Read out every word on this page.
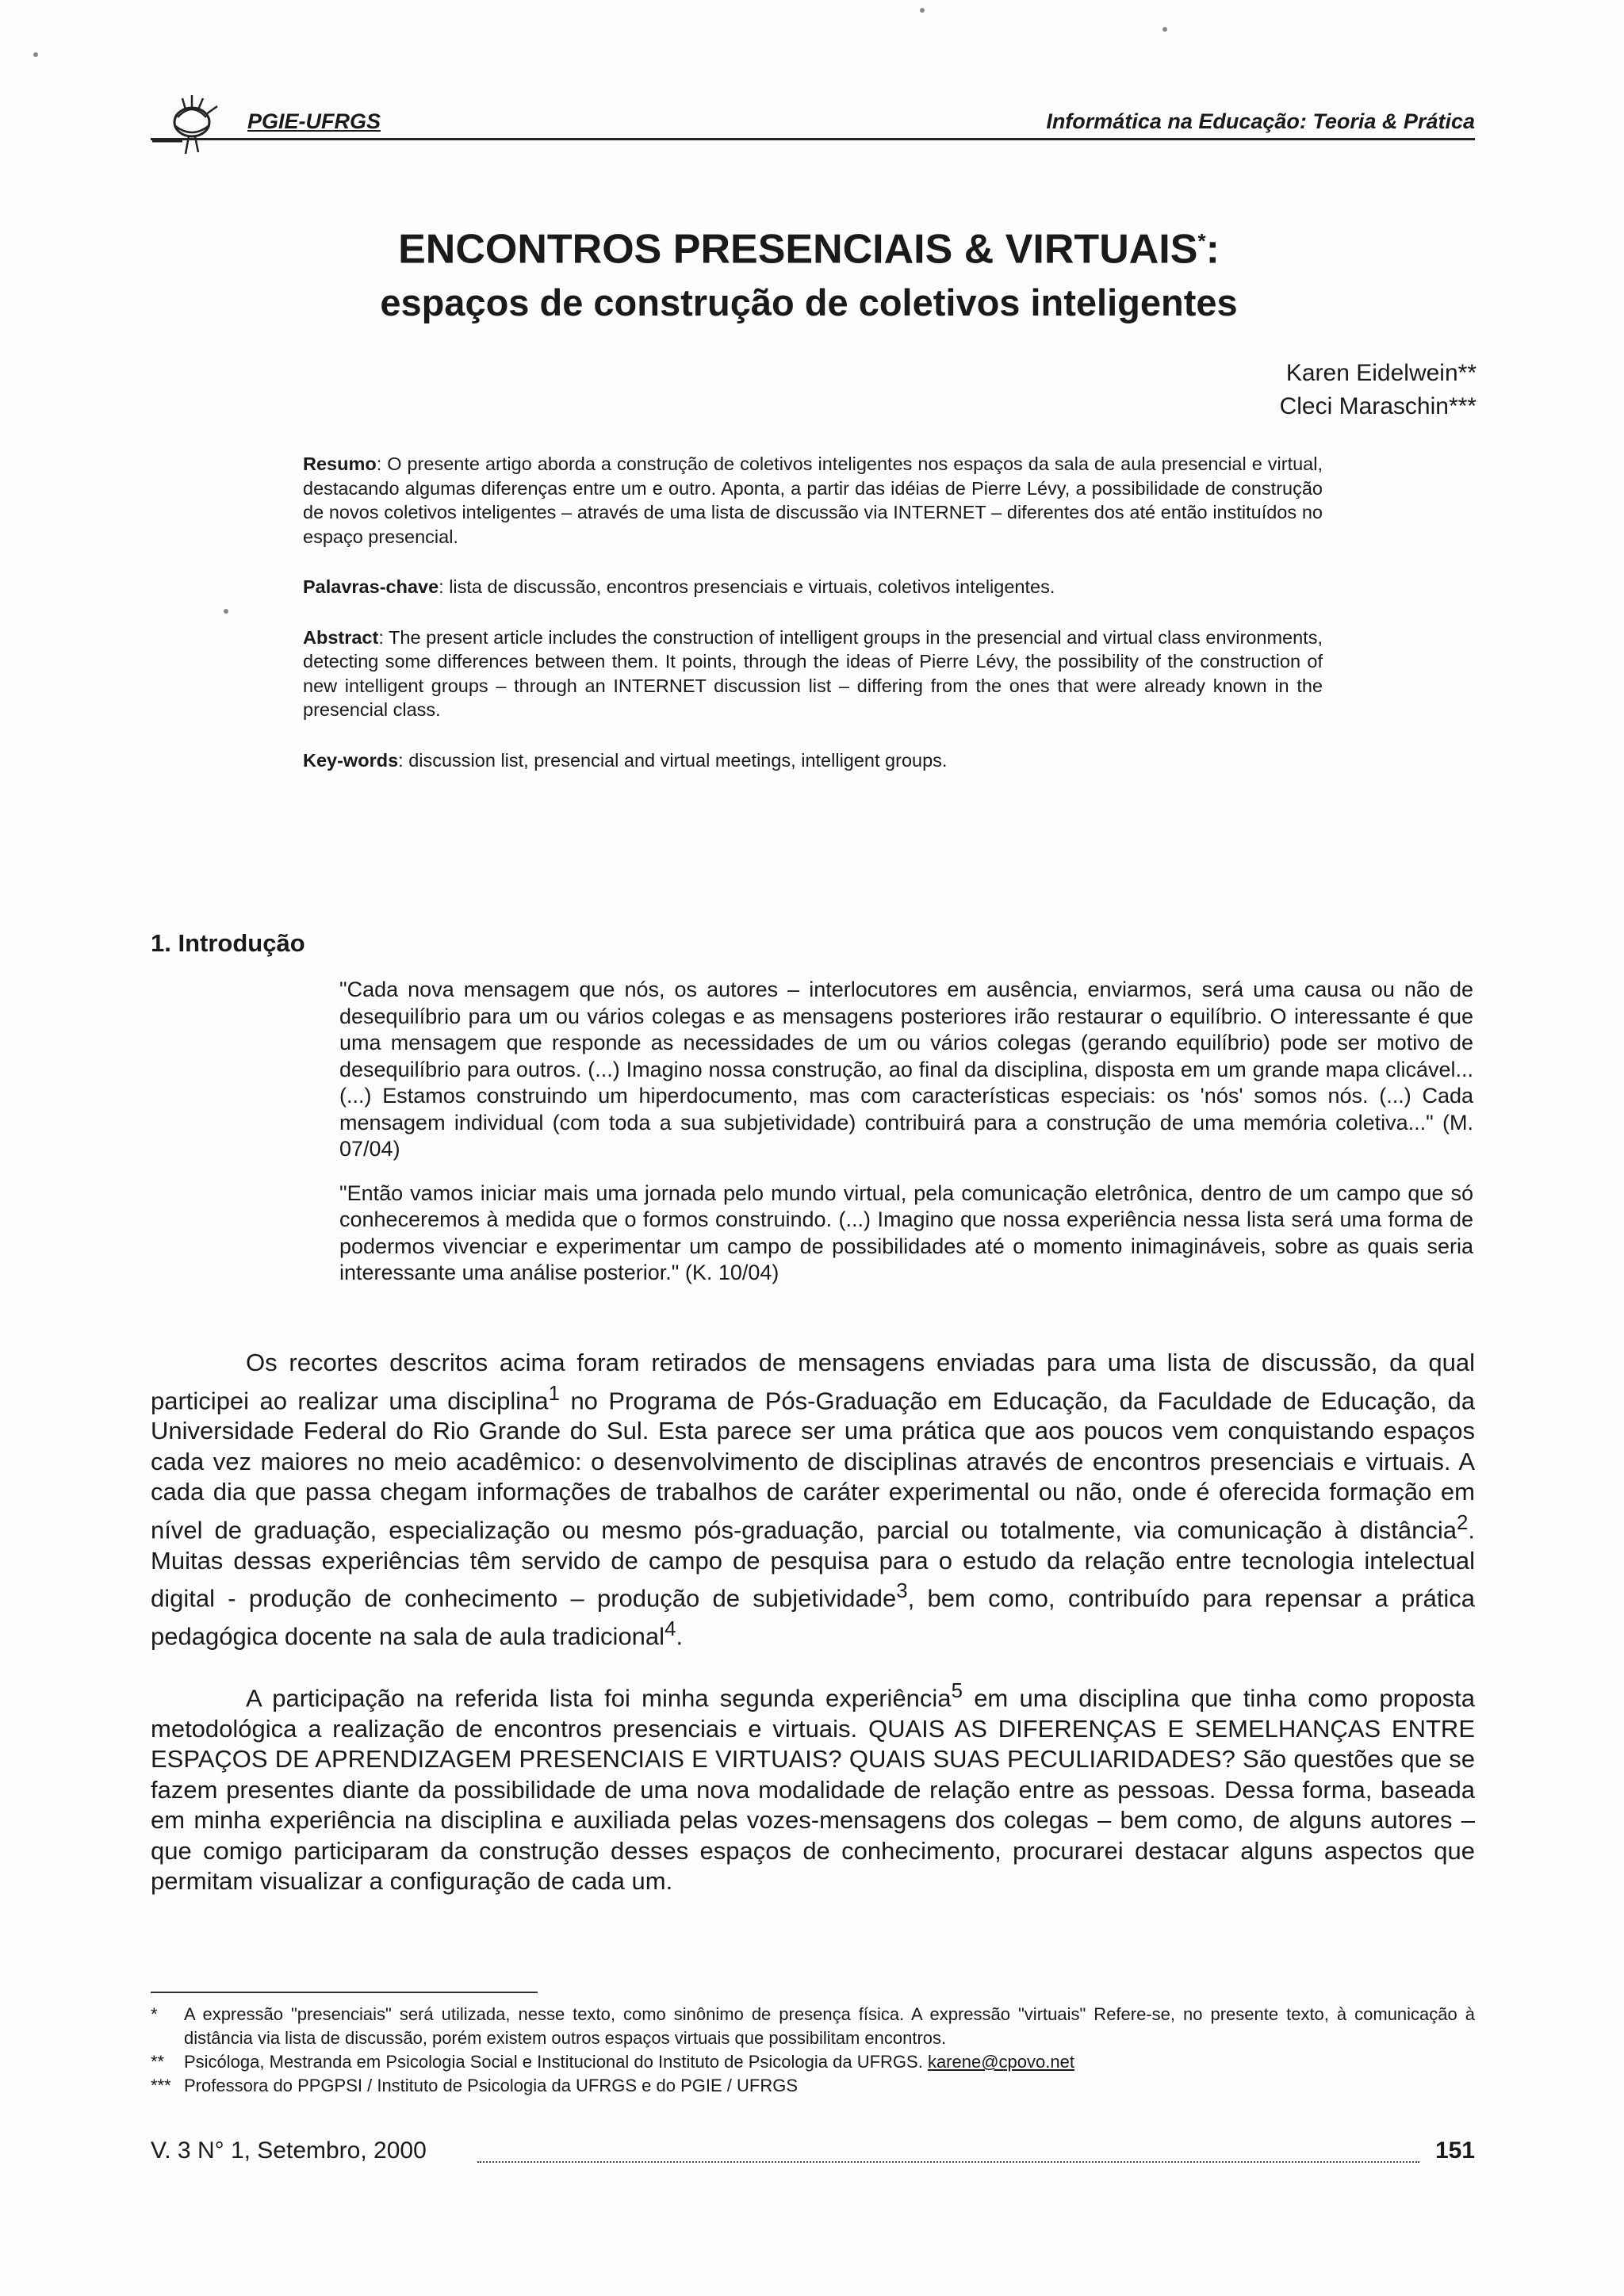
PGIE-UFRGS	Informática na Educação: Teoria & Prática
ENCONTROS PRESENCIAIS & VIRTUAIS*:
espaços de construção de coletivos inteligentes
Karen Eidelwein**
Cleci Maraschin***

Resumo: O presente artigo aborda a construção de coletivos inteligentes nos espaços da sala de aula presencial e virtual, destacando algumas diferenças entre um e outro. Aponta, a partir das idéias de Pierre Lévy, a possibilidade de construção de novos coletivos inteligentes – através de uma lista de discussão via INTERNET – diferentes dos até então instituídos no espaço presencial.

Palavras-chave: lista de discussão, encontros presenciais e virtuais, coletivos inteligentes.

Abstract: The present article includes the construction of intelligent groups in the presencial and virtual class environments, detecting some differences between them. It points, through the ideas of Pierre Lévy, the possibility of the construction of new intelligent groups – through an INTERNET discussion list – differing from the ones that were already known in the presencial class.

Key-words: discussion list, presencial and virtual meetings, intelligent groups.

1. Introdução

"Cada nova mensagem que nós, os autores – interlocutores em ausência, enviarmos, será uma causa ou não de desequilíbrio para um ou vários colegas e as mensagens posteriores irão restaurar o equilíbrio. O interessante é que uma mensagem que responde as necessidades de um ou vários colegas (gerando equilíbrio) pode ser motivo de desequilíbrio para outros. (...) Imagino nossa construção, ao final da disciplina, disposta em um grande mapa clicável... (...) Estamos construindo um hiperdocumento, mas com características especiais: os 'nós' somos nós. (...) Cada mensagem individual (com toda a sua subjetividade) contribuirá para a construção de uma memória coletiva..." (M. 07/04)

"Então vamos iniciar mais uma jornada pelo mundo virtual, pela comunicação eletrônica, dentro de um campo que só conheceremos à medida que o formos construindo. (...) Imagino que nossa experiência nessa lista será uma forma de podermos vivenciar e experimentar um campo de possibilidades até o momento inimagináveis, sobre as quais seria interessante uma análise posterior." (K. 10/04)

Os recortes descritos acima foram retirados de mensagens enviadas para uma lista de discussão, da qual participei ao realizar uma disciplina$^1$ no Programa de Pós-Graduação em Educação, da Faculdade de Educação, da Universidade Federal do Rio Grande do Sul. Esta parece ser uma prática que aos poucos vem conquistando espaços cada vez maiores no meio acadêmico: o desenvolvimento de disciplinas através de encontros presenciais e virtuais. A cada dia que passa chegam informações de trabalhos de caráter experimental ou não, onde é oferecida formação em nível de graduação, especialização ou mesmo pós-graduação, parcial ou totalmente, via comunicação à distância$^2$. Muitas dessas experiências têm servido de campo de pesquisa para o estudo da relação entre tecnologia intelectual digital - produção de conhecimento – produção de subjetividade$^3$, bem como, contribuído para repensar a prática pedagógica docente na sala de aula tradicional$^4$.

A participação na referida lista foi minha segunda experiência$^5$ em uma disciplina que tinha como proposta metodológica a realização de encontros presenciais e virtuais. QUAIS AS DIFERENÇAS E SEMELHANÇAS ENTRE ESPAÇOS DE APRENDIZAGEM PRESENCIAIS E VIRTUAIS? QUAIS SUAS PECULIARIDADES? São questões que se fazem presentes diante da possibilidade de uma nova modalidade de relação entre as pessoas. Dessa forma, baseada em minha experiência na disciplina e auxiliada pelas vozes-mensagens dos colegas – bem como, de alguns autores – que comigo participaram da construção desses espaços de conhecimento, procurarei destacar alguns aspectos que permitam visualizar a configuração de cada um.

* A expressão "presenciais" será utilizada, nesse texto, como sinônimo de presença física. A expressão "virtuais" Refere-se, no presente texto, à comunicação à distância via lista de discussão, porém existem outros espaços virtuais que possibilitam encontros.
** Psicóloga, Mestranda em Psicologia Social e Institucional do Instituto de Psicologia da UFRGS. karene@cpovo.net
*** Professora do PPGPSI / Instituto de Psicologia da UFRGS e do PGIE / UFRGS
V. 3 N° 1, Setembro, 2000	151
